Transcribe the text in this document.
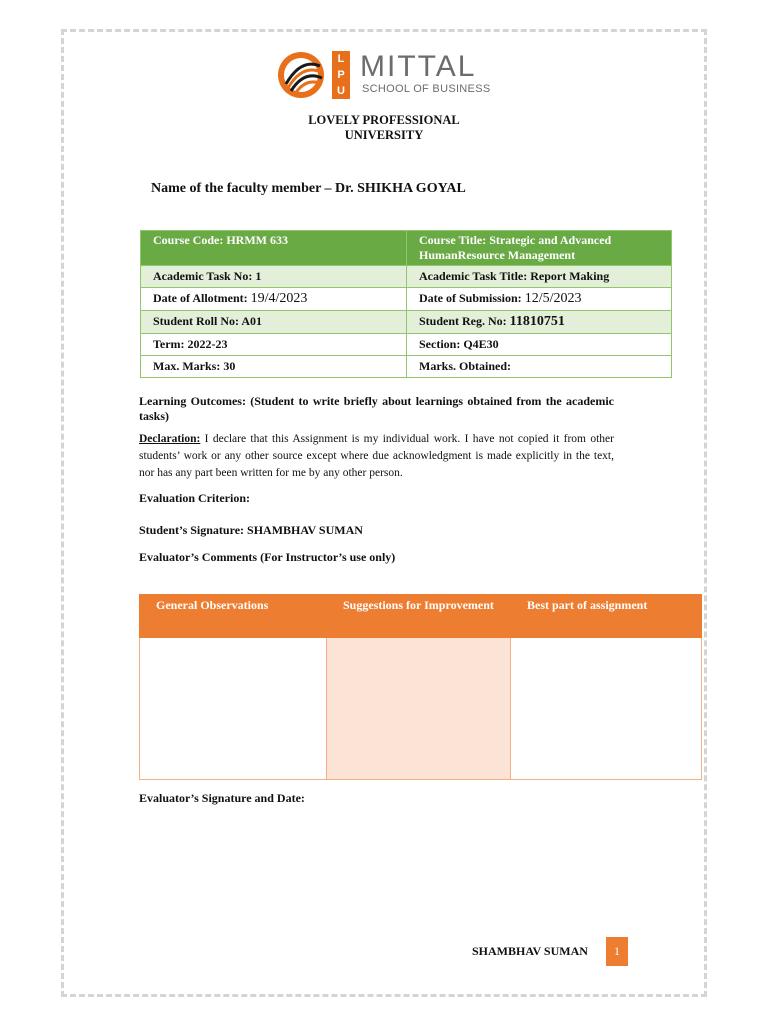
L
P
U
MITTAL
SCHOOL OF BUSINESS
LOVELY PROFESSIONAL
UNIVERSITY
Name of the faculty member – Dr. SHIKHA GOYAL
Course Code: HRMM 633	Course Title: Strategic and Advanced HumanResource Management
Academic Task No: 1	Academic Task Title: Report Making
Date of Allotment: 19/4/2023	Date of Submission: 12/5/2023
Student Roll No: A01	Student Reg. No: 11810751
Term: 2022-23	Section: Q4E30
Max. Marks: 30	Marks. Obtained:
Learning Outcomes: (Student to write briefly about learnings obtained from the academic tasks)
Declaration: I declare that this Assignment is my individual work. I have not copied it from other students’ work or any other source except where due acknowledgment is made explicitly in the text, nor has any part been written for me by any other person.
Evaluation Criterion:
Student’s Signature: SHAMBHAV SUMAN
Evaluator’s Comments (For Instructor’s use only)
General Observations	Suggestions for Improvement	Best part of assignment

Evaluator’s Signature and Date:
SHAMBHAV SUMAN	1
